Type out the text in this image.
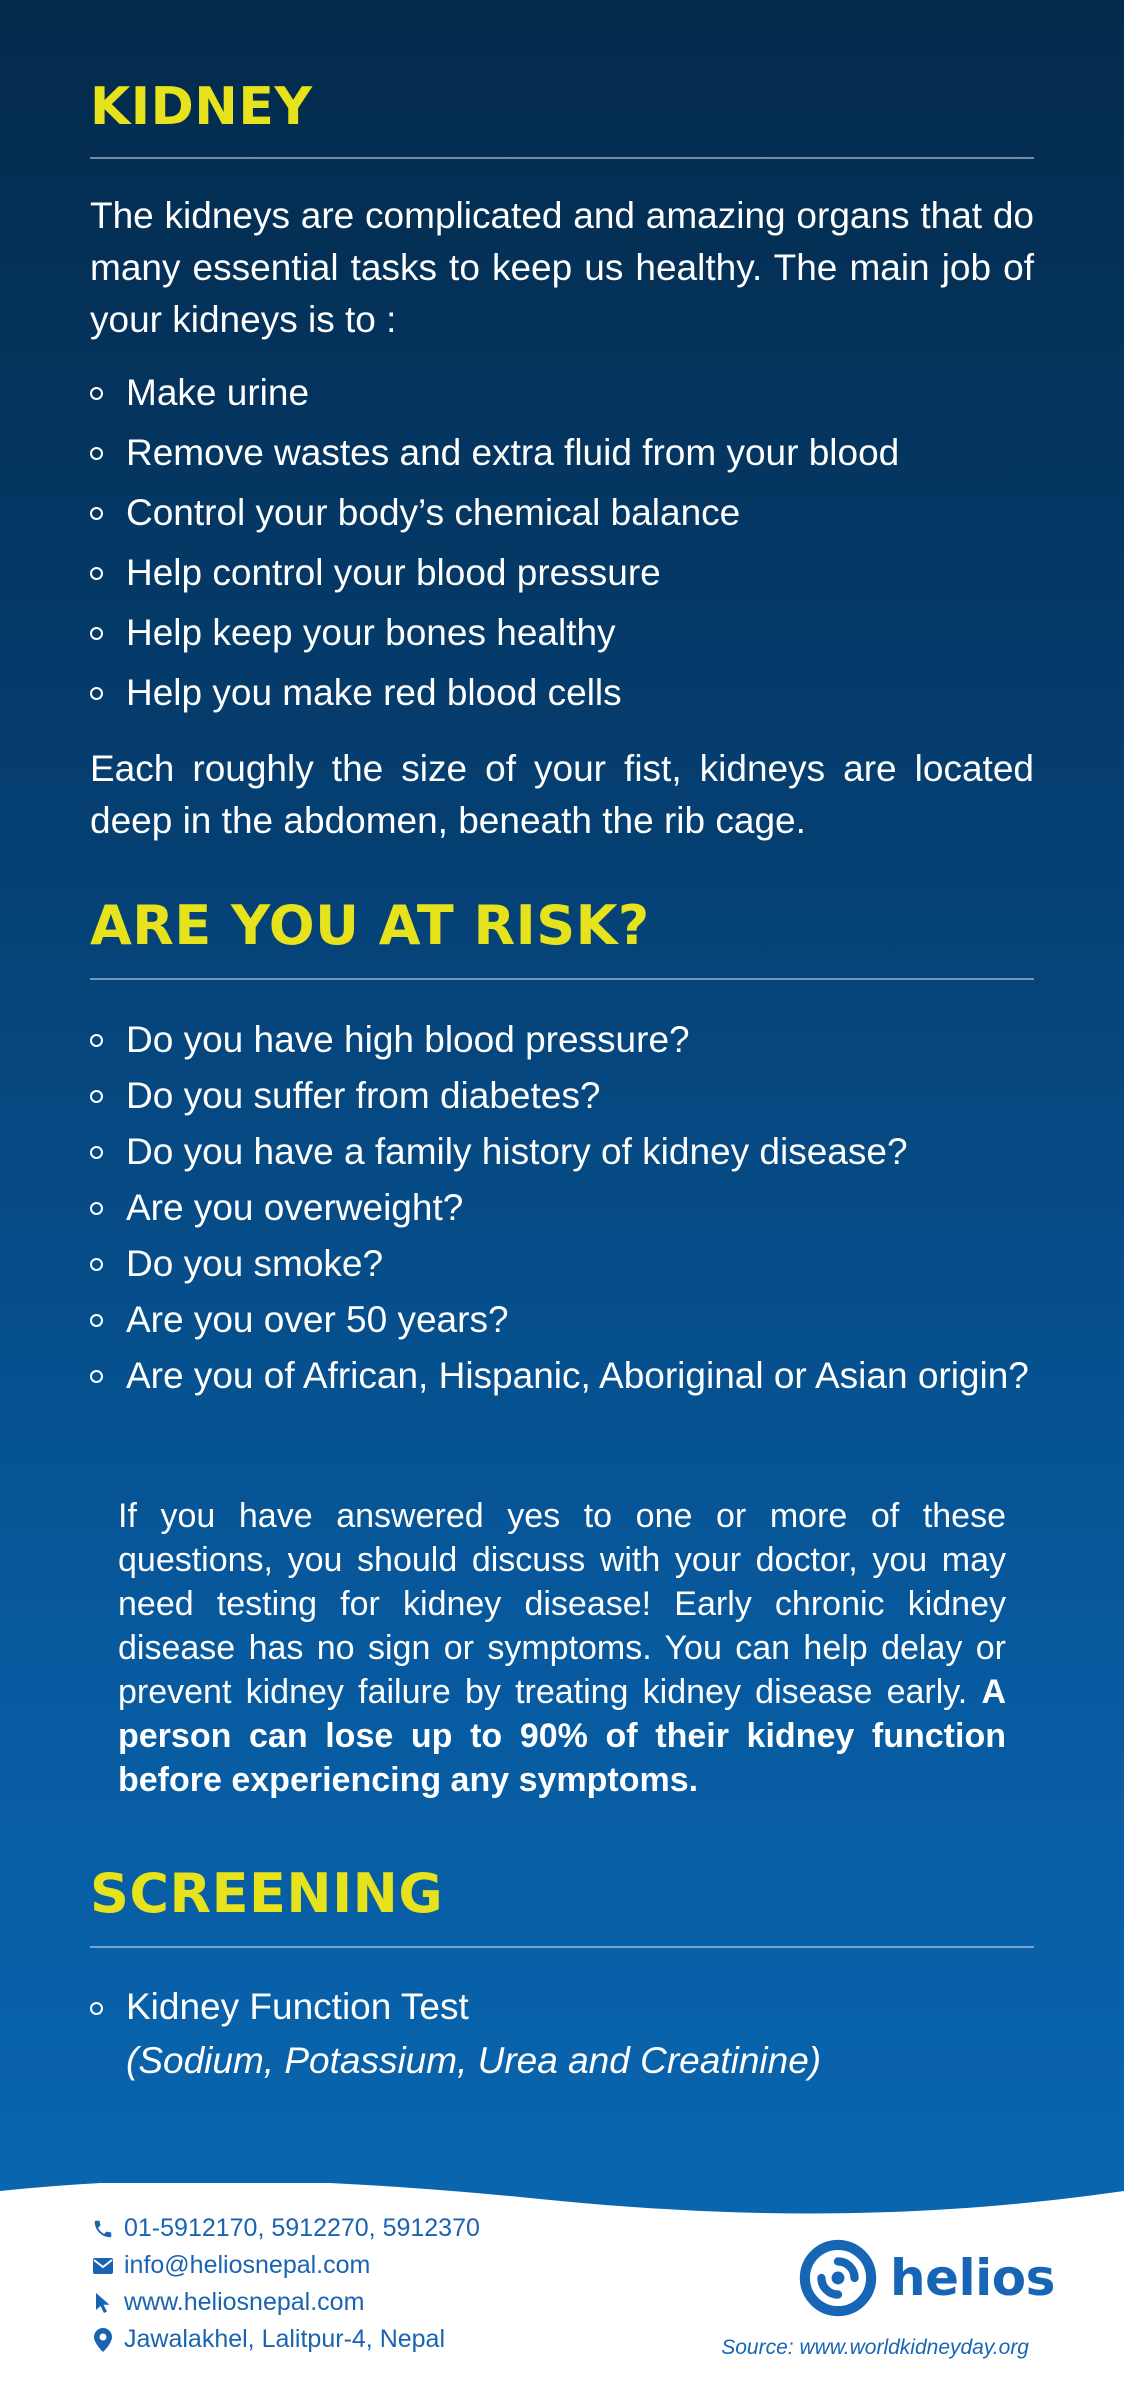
KIDNEY

The kidneys are complicated and amazing organs that do many essential tasks to keep us healthy. The main job of your kidneys is to :

Make urine
Remove wastes and extra fluid from your blood
Control your body’s chemical balance
Help control your blood pressure
Help keep your bones healthy
Help you make red blood cells

Each roughly the size of your fist, kidneys are located deep in the abdomen, beneath the rib cage.

ARE YOU AT RISK?
Do you have high blood pressure?
Do you suffer from diabetes?
Do you have a family history of kidney disease?
Are you overweight?
Do you smoke?
Are you over 50 years?
Are you of African, Hispanic, Aboriginal or Asian origin?

If you have answered yes to one or more of these questions, you should discuss with your doctor, you may need testing for kidney disease! Early chronic kidney disease has no sign or symptoms. You can help delay or prevent kidney failure by treating kidney disease early. A person can lose up to 90% of their kidney function before experiencing any symptoms.

SCREENING
Kidney Function Test
(Sodium, Potassium, Urea and Creatinine)
01-5912170, 5912270, 5912370
info@heliosnepal.com
www.heliosnepal.com
Jawalakhel, Lalitpur-4, Nepal
helios
Source: www.worldkidneyday.org
